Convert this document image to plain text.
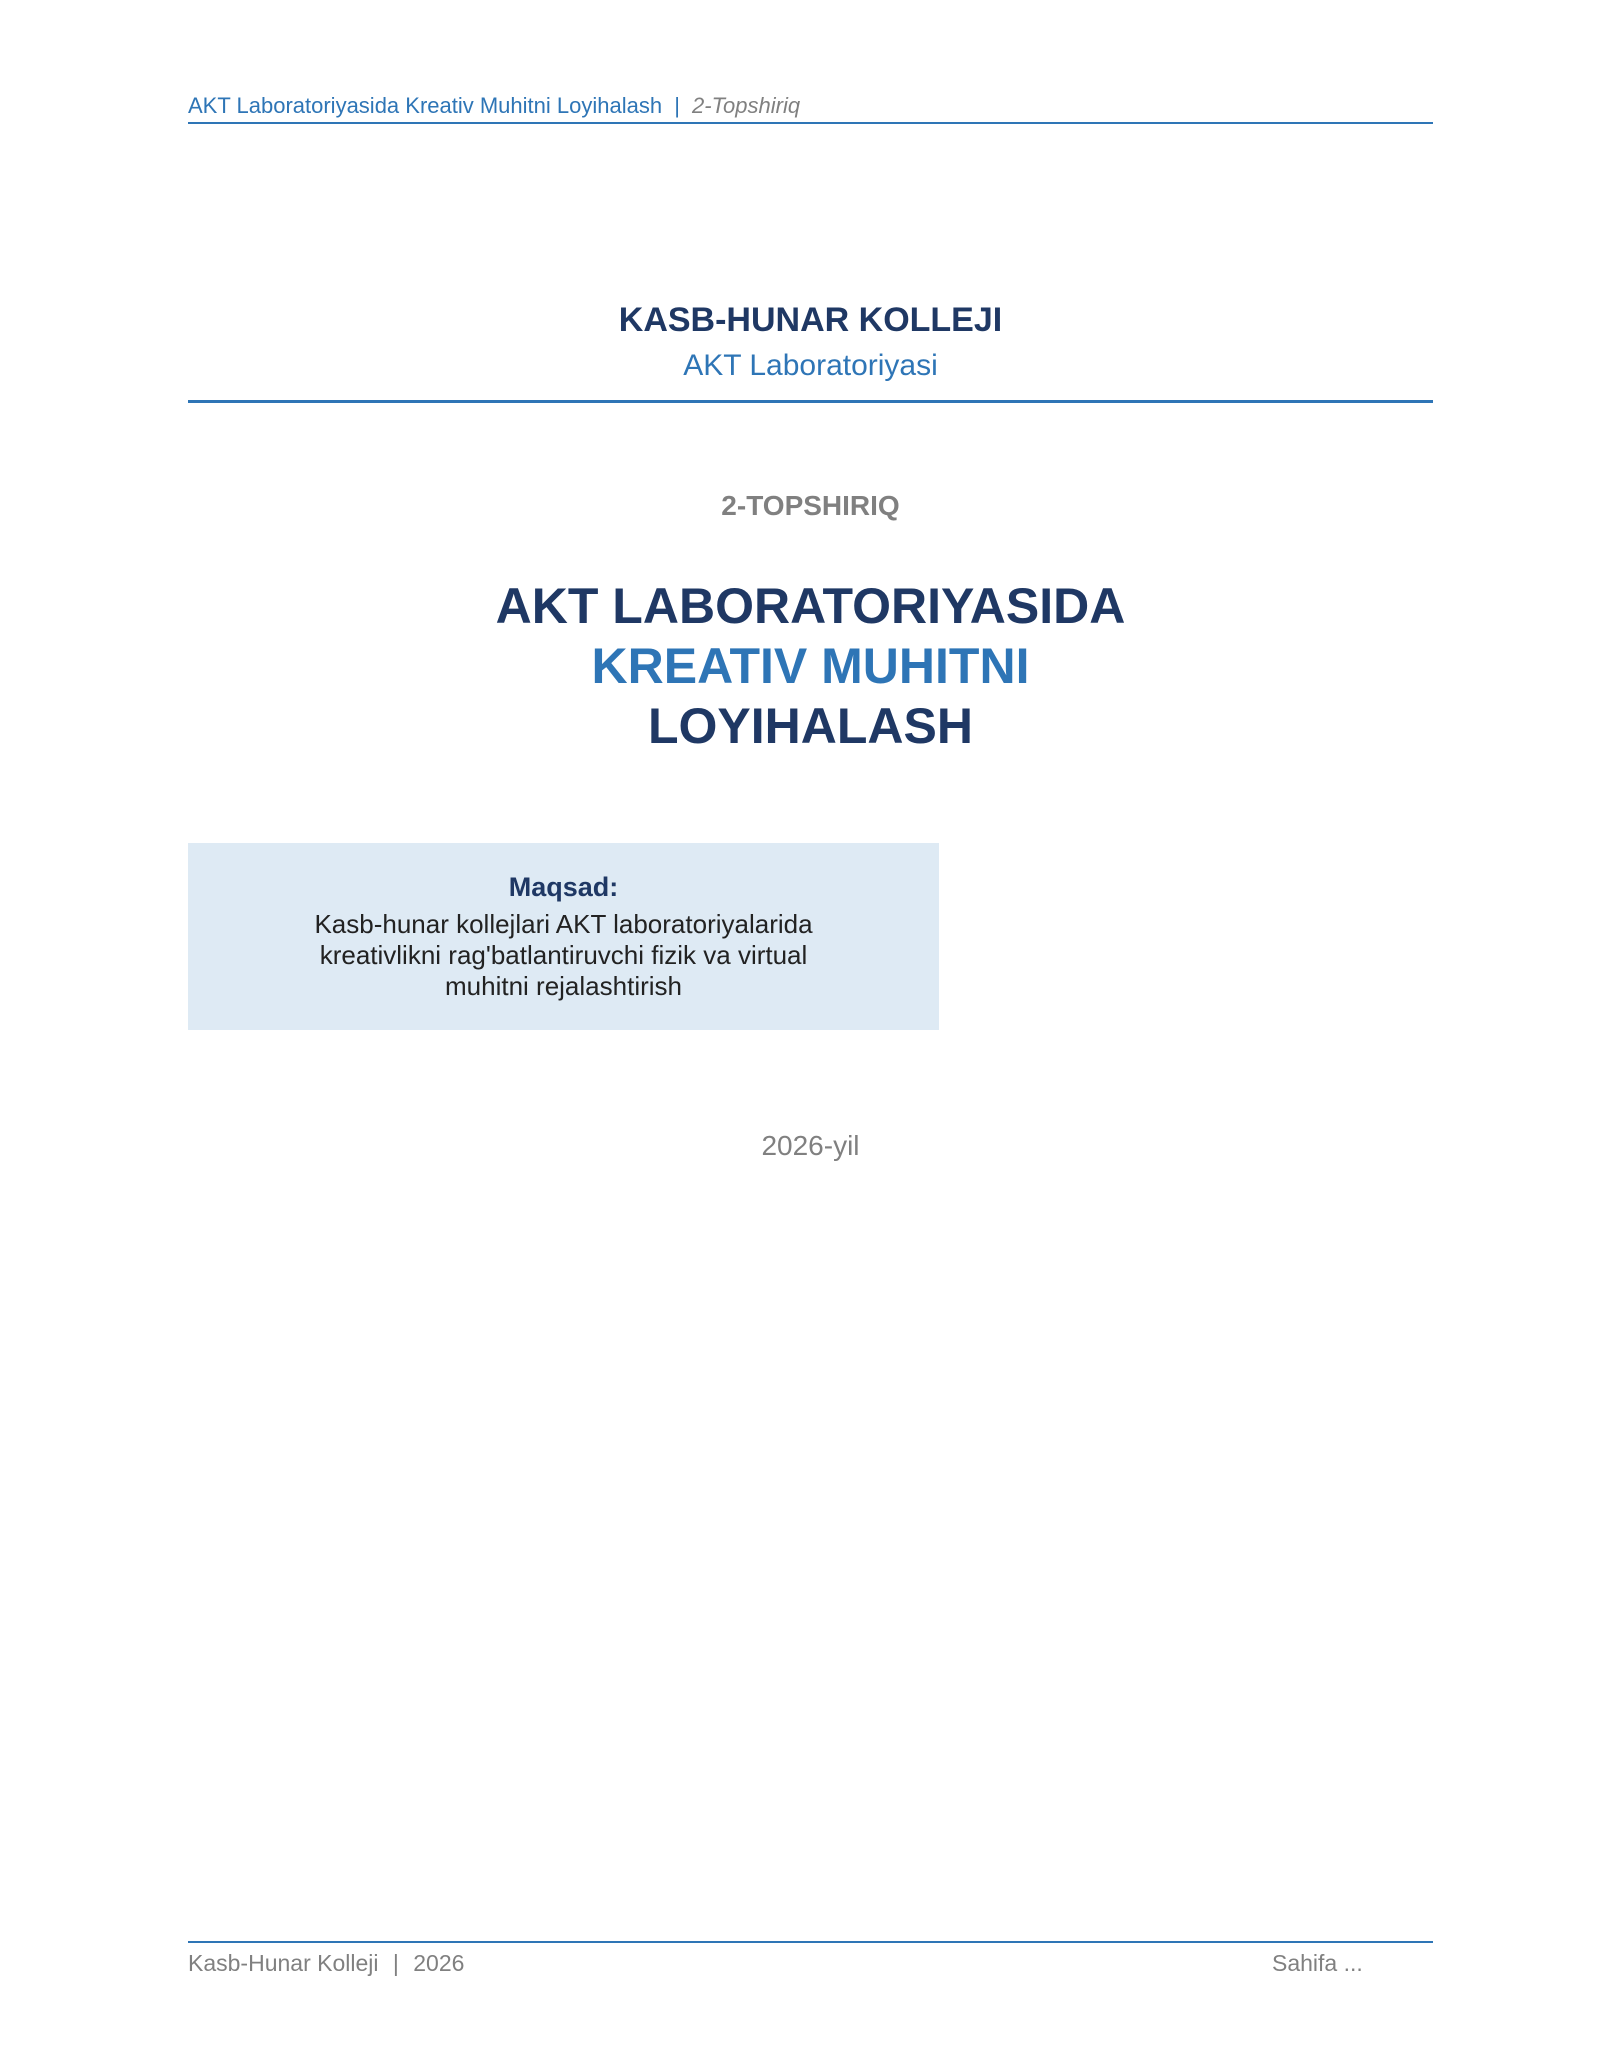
AKT Laboratoriyasida Kreativ Muhitni Loyihalash | 2-Topshiriq
KASB-HUNAR KOLLEJI
AKT Laboratoriyasi
2-TOPSHIRIQ
AKT LABORATORIYASIDA
KREATIV MUHITNI
LOYIHALASH
Maqsad:
Kasb-hunar kollejlari AKT laboratoriyalarida kreativlikni rag'batlantiruvchi fizik va virtual muhitni rejalashtirish
2026-yil
Kasb-Hunar Kolleji | 2026	Sahifa ...
